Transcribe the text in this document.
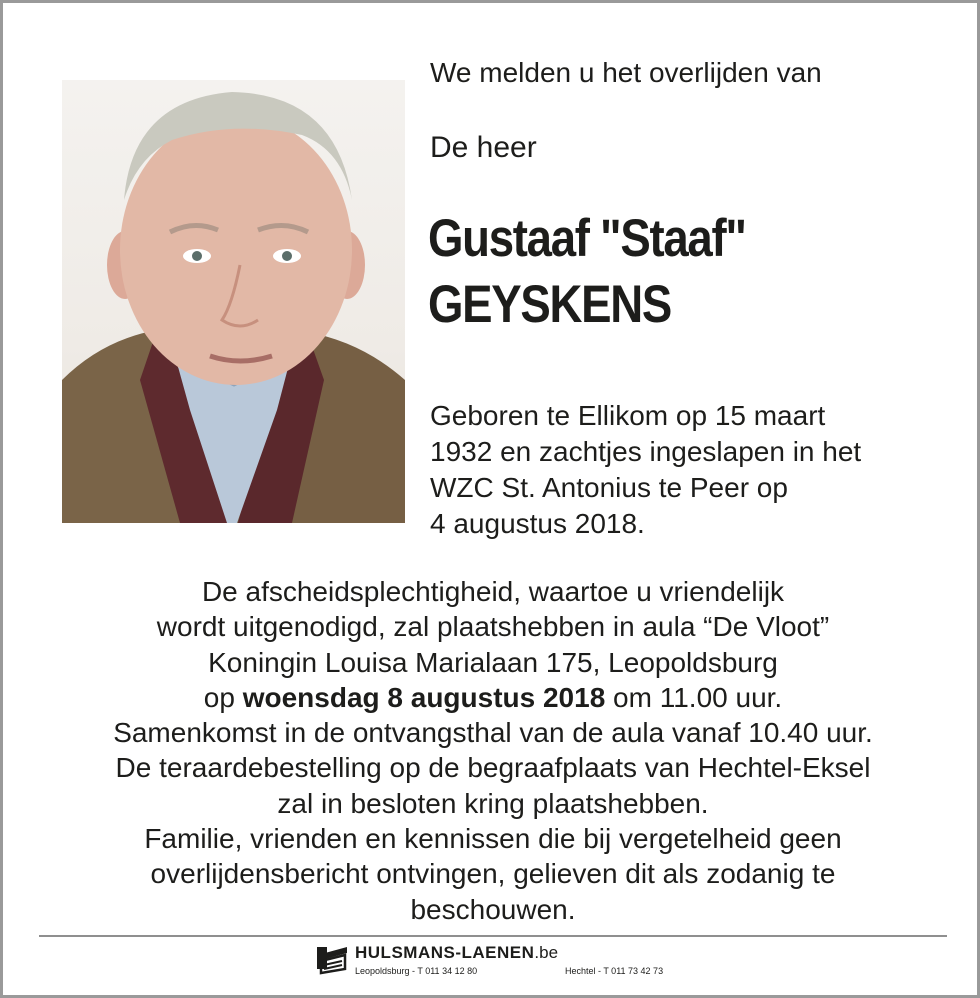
We melden u het overlijden van
De heer
Gustaaf "Staaf"
GEYSKENS
Geboren te Ellikom op 15 maart
1932 en zachtjes ingeslapen in het
WZC St. Antonius te Peer op
4 augustus 2018.
De afscheidsplechtigheid, waartoe u vriendelijk
wordt uitgenodigd, zal plaatshebben in aula “De Vloot”
Koningin Louisa Marialaan 175, Leopoldsburg
op woensdag 8 augustus 2018 om 11.00 uur.
Samenkomst in de ontvangsthal van de aula vanaf 10.40 uur.
De teraardebestelling op de begraafplaats van Hechtel-Eksel
zal in besloten kring plaatshebben.
Familie, vrienden en kennissen die bij vergetelheid geen
overlijdensbericht ontvingen, gelieven dit als zodanig te
beschouwen.
HULSMANS-LAENEN.be
Leopoldsburg - T 011 34 12 80	Hechtel - T 011 73 42 73
